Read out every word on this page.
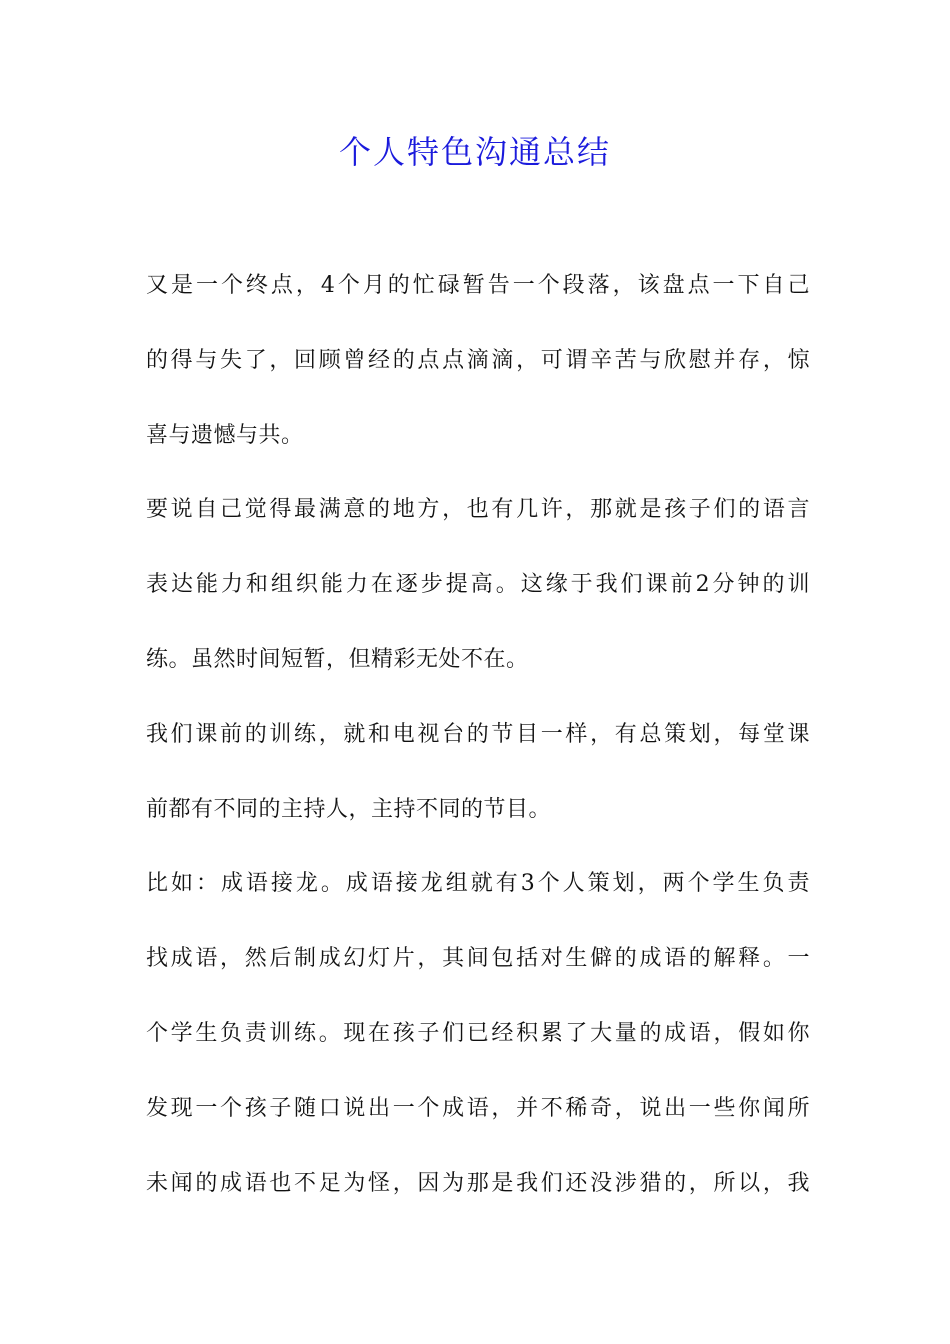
个人特色沟通总结
又是一个终点，4个月的忙碌暂告一个段落，该盘点一下自己
的得与失了，回顾曾经的点点滴滴，可谓辛苦与欣慰并存，惊
喜与遗憾与共。
要说自己觉得最满意的地方，也有几许，那就是孩子们的语言
表达能力和组织能力在逐步提高。这缘于我们课前2分钟的训
练。虽然时间短暂，但精彩无处不在。
我们课前的训练，就和电视台的节目一样，有总策划，每堂课
前都有不同的主持人，主持不同的节目。
比如：成语接龙。成语接龙组就有3个人策划，两个学生负责
找成语，然后制成幻灯片，其间包括对生僻的成语的解释。一
个学生负责训练。现在孩子们已经积累了大量的成语，假如你
发现一个孩子随口说出一个成语，并不稀奇，说出一些你闻所
未闻的成语也不足为怪，因为那是我们还没涉猎的，所以，我
